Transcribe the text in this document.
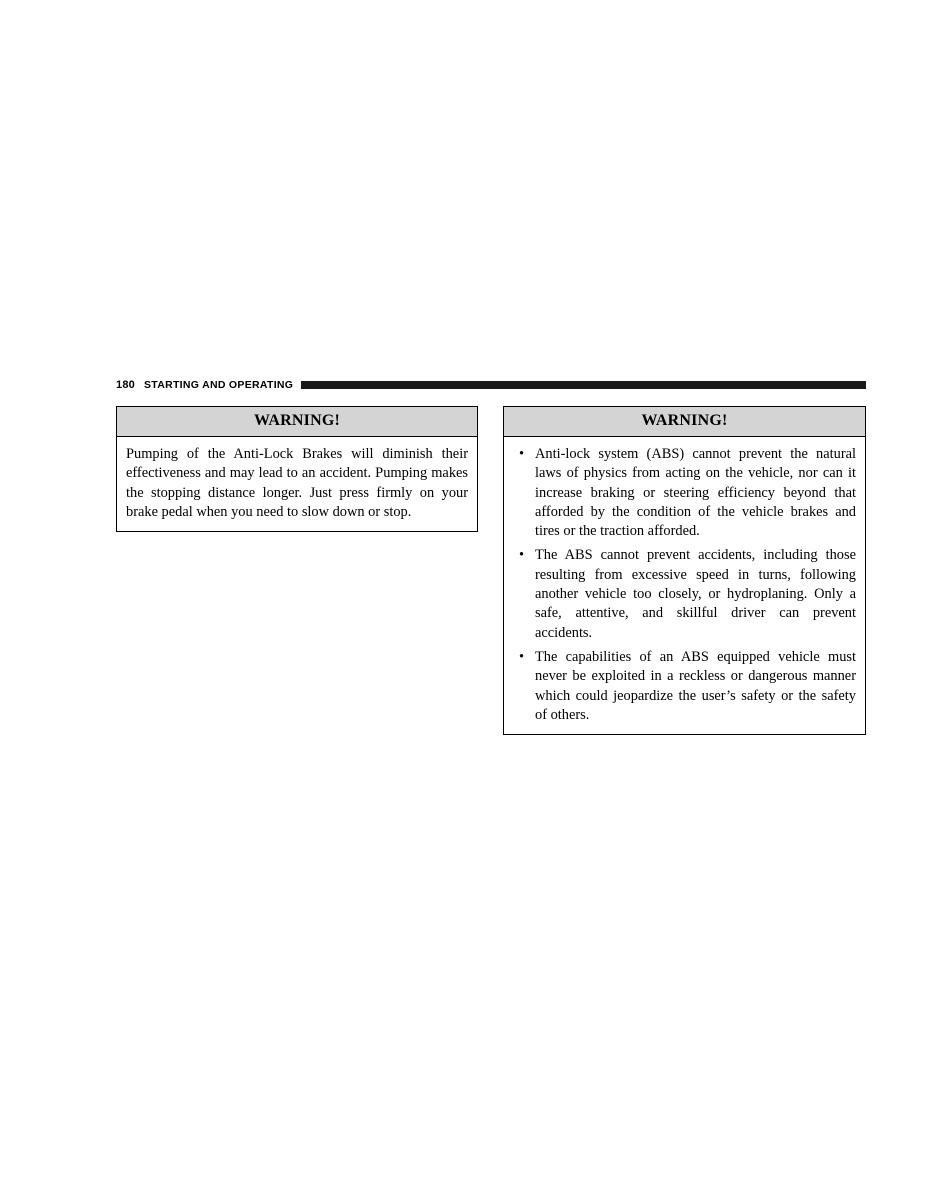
180 STARTING AND OPERATING
WARNING!

Pumping of the Anti-Lock Brakes will diminish their effectiveness and may lead to an accident. Pumping makes the stopping distance longer. Just press firmly on your brake pedal when you need to slow down or stop.

WARNING!
• Anti-lock system (ABS) cannot prevent the natural laws of physics from acting on the vehicle, nor can it increase braking or steering efficiency beyond that afforded by the condition of the vehicle brakes and tires or the traction afforded.
• The ABS cannot prevent accidents, including those resulting from excessive speed in turns, following another vehicle too closely, or hydroplaning. Only a safe, attentive, and skillful driver can prevent accidents.
• The capabilities of an ABS equipped vehicle must never be exploited in a reckless or dangerous manner which could jeopardize the user’s safety or the safety of others.
